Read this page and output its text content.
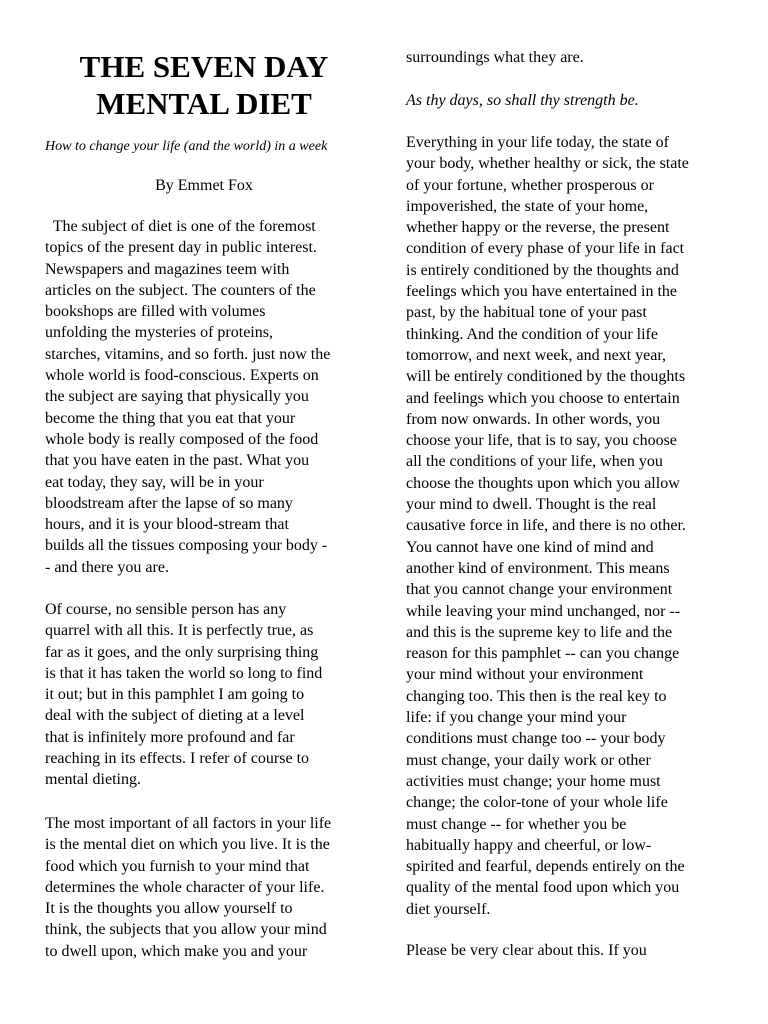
THE SEVEN DAY
MENTAL DIET

How to change your life (and the world) in a week

By Emmet Fox

The subject of diet is one of the foremost
topics of the present day in public interest.
Newspapers and magazines teem with
articles on the subject. The counters of the
bookshops are filled with volumes
unfolding the mysteries of proteins,
starches, vitamins, and so forth. just now the
whole world is food-conscious. Experts on
the subject are saying that physically you
become the thing that you eat that your
whole body is really composed of the food
that you have eaten in the past. What you
eat today, they say, will be in your
bloodstream after the lapse of so many
hours, and it is your blood-stream that
builds all the tissues composing your body -
- and there you are.

Of course, no sensible person has any
quarrel with all this. It is perfectly true, as
far as it goes, and the only surprising thing
is that it has taken the world so long to find
it out; but in this pamphlet I am going to
deal with the subject of dieting at a level
that is infinitely more profound and far
reaching in its effects. I refer of course to
mental dieting.

The most important of all factors in your life
is the mental diet on which you live. It is the
food which you furnish to your mind that
determines the whole character of your life.
It is the thoughts you allow yourself to
think, the subjects that you allow your mind
to dwell upon, which make you and your

surroundings what they are.

As thy days, so shall thy strength be.

Everything in your life today, the state of
your body, whether healthy or sick, the state
of your fortune, whether prosperous or
impoverished, the state of your home,
whether happy or the reverse, the present
condition of every phase of your life in fact
is entirely conditioned by the thoughts and
feelings which you have entertained in the
past, by the habitual tone of your past
thinking. And the condition of your life
tomorrow, and next week, and next year,
will be entirely conditioned by the thoughts
and feelings which you choose to entertain
from now onwards. In other words, you
choose your life, that is to say, you choose
all the conditions of your life, when you
choose the thoughts upon which you allow
your mind to dwell. Thought is the real
causative force in life, and there is no other.
You cannot have one kind of mind and
another kind of environment. This means
that you cannot change your environment
while leaving your mind unchanged, nor --
and this is the supreme key to life and the
reason for this pamphlet -- can you change
your mind without your environment
changing too. This then is the real key to
life: if you change your mind your
conditions must change too -- your body
must change, your daily work or other
activities must change; your home must
change; the color-tone of your whole life
must change -- for whether you be
habitually happy and cheerful, or low-
spirited and fearful, depends entirely on the
quality of the mental food upon which you
diet yourself.

Please be very clear about this. If you
